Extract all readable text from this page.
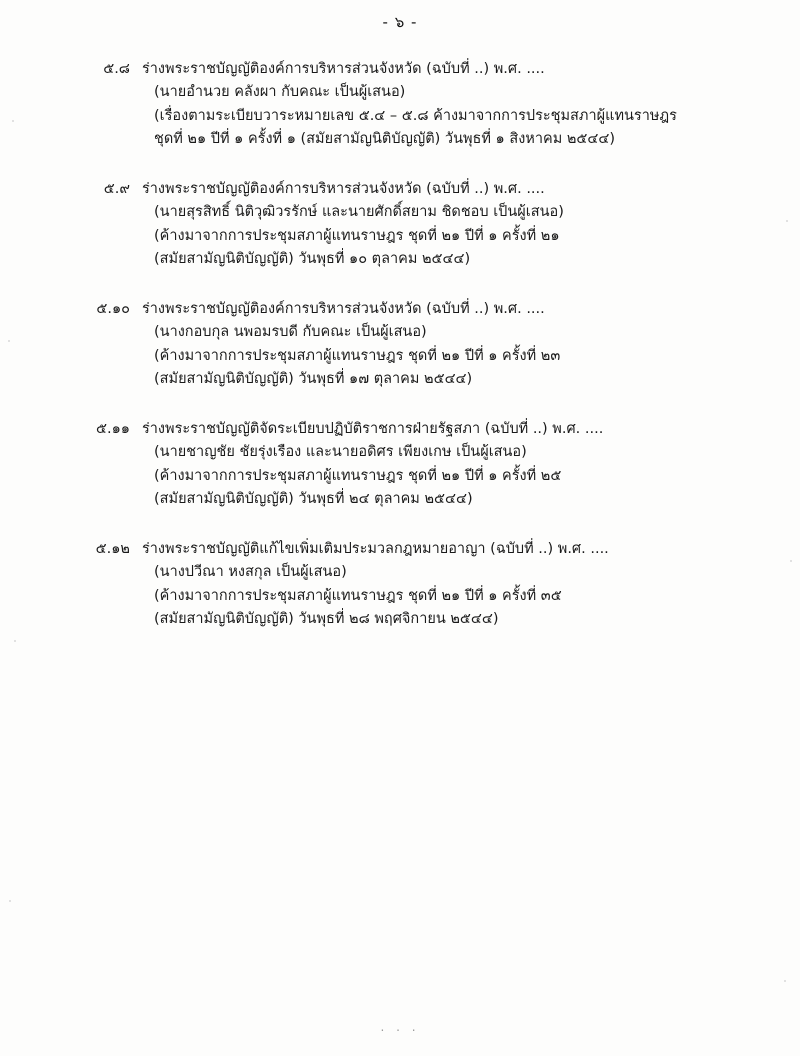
- ๖ -
๕.๘ ร่างพระราชบัญญัติองค์การบริหารส่วนจังหวัด (ฉบับที่ ..) พ.ศ. ....
(นายอำนวย คลังผา กับคณะ เป็นผู้เสนอ)
(เรื่องตามระเบียบวาระหมายเลข ๕.๔ – ๕.๘ ค้างมาจากการประชุมสภาผู้แทนราษฎร
ชุดที่ ๒๑ ปีที่ ๑ ครั้งที่ ๑ (สมัยสามัญนิติบัญญัติ) วันพุธที่ ๑ สิงหาคม ๒๕๔๔)
๕.๙ ร่างพระราชบัญญัติองค์การบริหารส่วนจังหวัด (ฉบับที่ ..) พ.ศ. ....
(นายสุรสิทธิ์ นิติวุฒิวรรักษ์ และนายศักดิ์สยาม ชิดชอบ เป็นผู้เสนอ)
(ค้างมาจากการประชุมสภาผู้แทนราษฎร ชุดที่ ๒๑ ปีที่ ๑ ครั้งที่ ๒๑
(สมัยสามัญนิติบัญญัติ) วันพุธที่ ๑๐ ตุลาคม ๒๕๔๔)
๕.๑๐ ร่างพระราชบัญญัติองค์การบริหารส่วนจังหวัด (ฉบับที่ ..) พ.ศ. ....
(นางกอบกุล นพอมรบดี กับคณะ เป็นผู้เสนอ)
(ค้างมาจากการประชุมสภาผู้แทนราษฎร ชุดที่ ๒๑ ปีที่ ๑ ครั้งที่ ๒๓
(สมัยสามัญนิติบัญญัติ) วันพุธที่ ๑๗ ตุลาคม ๒๕๔๔)
๕.๑๑ ร่างพระราชบัญญัติจัดระเบียบปฏิบัติราชการฝ่ายรัฐสภา (ฉบับที่ ..) พ.ศ. ....
(นายชาญชัย ชัยรุ่งเรือง และนายอดิศร เพียงเกษ เป็นผู้เสนอ)
(ค้างมาจากการประชุมสภาผู้แทนราษฎร ชุดที่ ๒๑ ปีที่ ๑ ครั้งที่ ๒๕
(สมัยสามัญนิติบัญญัติ) วันพุธที่ ๒๔ ตุลาคม ๒๕๔๔)
๕.๑๒ ร่างพระราชบัญญัติแก้ไขเพิ่มเติมประมวลกฎหมายอาญา (ฉบับที่ ..) พ.ศ. ....
(นางปวีณา หงสกุล เป็นผู้เสนอ)
(ค้างมาจากการประชุมสภาผู้แทนราษฎร ชุดที่ ๒๑ ปีที่ ๑ ครั้งที่ ๓๕
(สมัยสามัญนิติบัญญัติ) วันพุธที่ ๒๘ พฤศจิกายน ๒๕๔๔)
. . .
